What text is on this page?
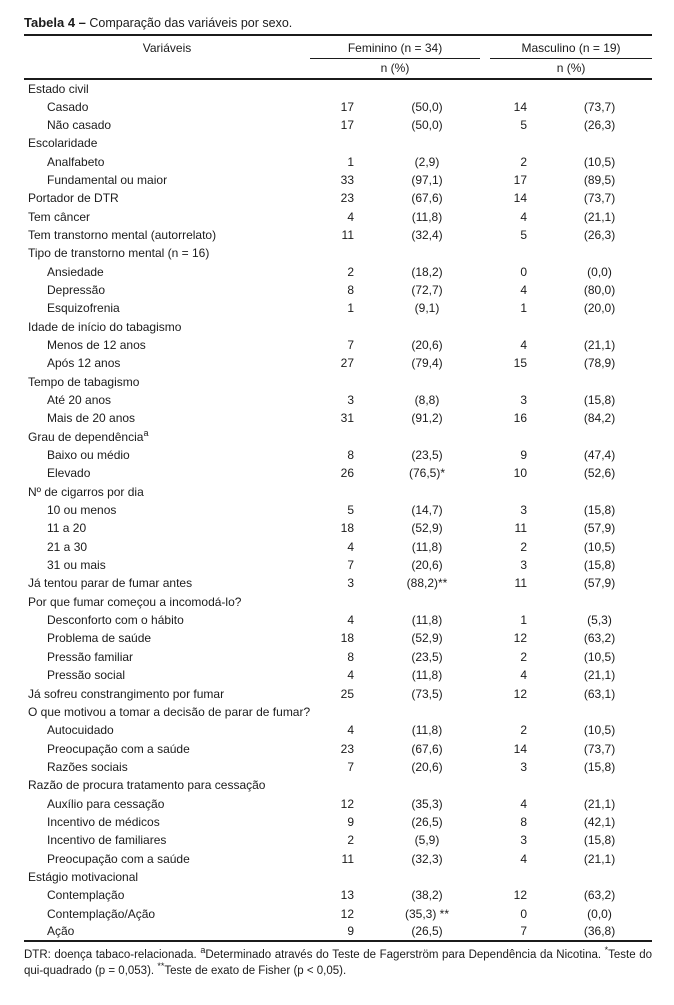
Tabela 4 – Comparação das variáveis por sexo.
Variáveis	Feminino (n = 34)			Masculino (n = 19)	
	n (%)			n (%)	
Estado civil					
Casado	17	(50,0)		14	(73,7)
Não casado	17	(50,0)		5	(26,3)
Escolaridade					
Analfabeto	1	(2,9)		2	(10,5)
Fundamental ou maior	33	(97,1)		17	(89,5)
Portador de DTR	23	(67,6)		14	(73,7)
Tem câncer	4	(11,8)		4	(21,1)
Tem transtorno mental (autorrelato)	11	(32,4)		5	(26,3)
Tipo de transtorno mental (n = 16)					
Ansiedade	2	(18,2)		0	(0,0)
Depressão	8	(72,7)		4	(80,0)
Esquizofrenia	1	(9,1)		1	(20,0)
Idade de início do tabagismo					
Menos de 12 anos	7	(20,6)		4	(21,1)
Após 12 anos	27	(79,4)		15	(78,9)
Tempo de tabagismo					
Até 20 anos	3	(8,8)		3	(15,8)
Mais de 20 anos	31	(91,2)		16	(84,2)
Grau de dependência$^a$					
Baixo ou médio	8	(23,5)		9	(47,4)
Elevado	26	(76,5)*		10	(52,6)
Nº de cigarros por dia					
10 ou menos	5	(14,7)		3	(15,8)
11 a 20	18	(52,9)		11	(57,9)
21 a 30	4	(11,8)		2	(10,5)
31 ou mais	7	(20,6)		3	(15,8)
Já tentou parar de fumar antes	3	(88,2)**		11	(57,9)
Por que fumar começou a incomodá-lo?					
Desconforto com o hábito	4	(11,8)		1	(5,3)
Problema de saúde	18	(52,9)		12	(63,2)
Pressão familiar	8	(23,5)		2	(10,5)
Pressão social	4	(11,8)		4	(21,1)
Já sofreu constrangimento por fumar	25	(73,5)		12	(63,1)
O que motivou a tomar a decisão de parar de fumar?					
Autocuidado	4	(11,8)		2	(10,5)
Preocupação com a saúde	23	(67,6)		14	(73,7)
Razões sociais	7	(20,6)		3	(15,8)
Razão de procura tratamento para cessação					
Auxílio para cessação	12	(35,3)		4	(21,1)
Incentivo de médicos	9	(26,5)		8	(42,1)
Incentivo de familiares	2	(5,9)		3	(15,8)
Preocupação com a saúde	11	(32,3)		4	(21,1)
Estágio motivacional					
Contemplação	13	(38,2)		12	(63,2)
Contemplação/Ação	12	(35,3) **		0	(0,0)
Ação	9	(26,5)		7	(36,8)
DTR: doença tabaco-relacionada. $^a$Determinado através do Teste de Fagerström para Dependência da Nicotina. *Teste do qui-quadrado (p = 0,053). **Teste de exato de Fisher (p < 0,05).
